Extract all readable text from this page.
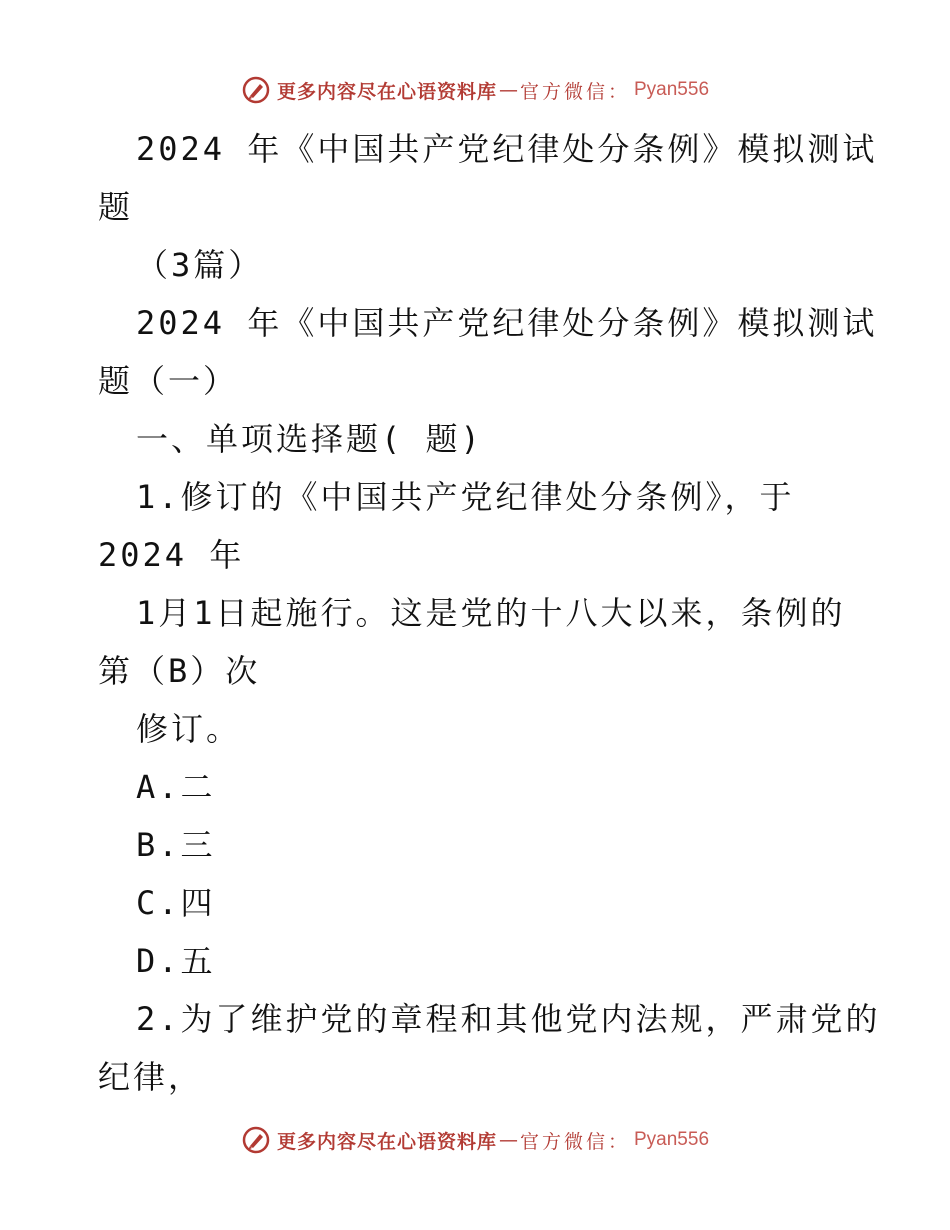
更多内容尽在心语资料库 — 官方微信： Pyan556
2024 年《中国共产党纪律处分条例》模拟测试
题
（3篇）
2024 年《中国共产党纪律处分条例》模拟测试
题（一）
一、单项选择题( 题)
1.修订的《中国共产党纪律处分条例》，于
2024 年
1月1日起施行。这是党的十八大以来，条例的
第（B）次
修订。
A.二
B.三
C.四
D.五
2.为了维护党的章程和其他党内法规，严肃党的
纪律，
更多内容尽在心语资料库 — 官方微信： Pyan556
